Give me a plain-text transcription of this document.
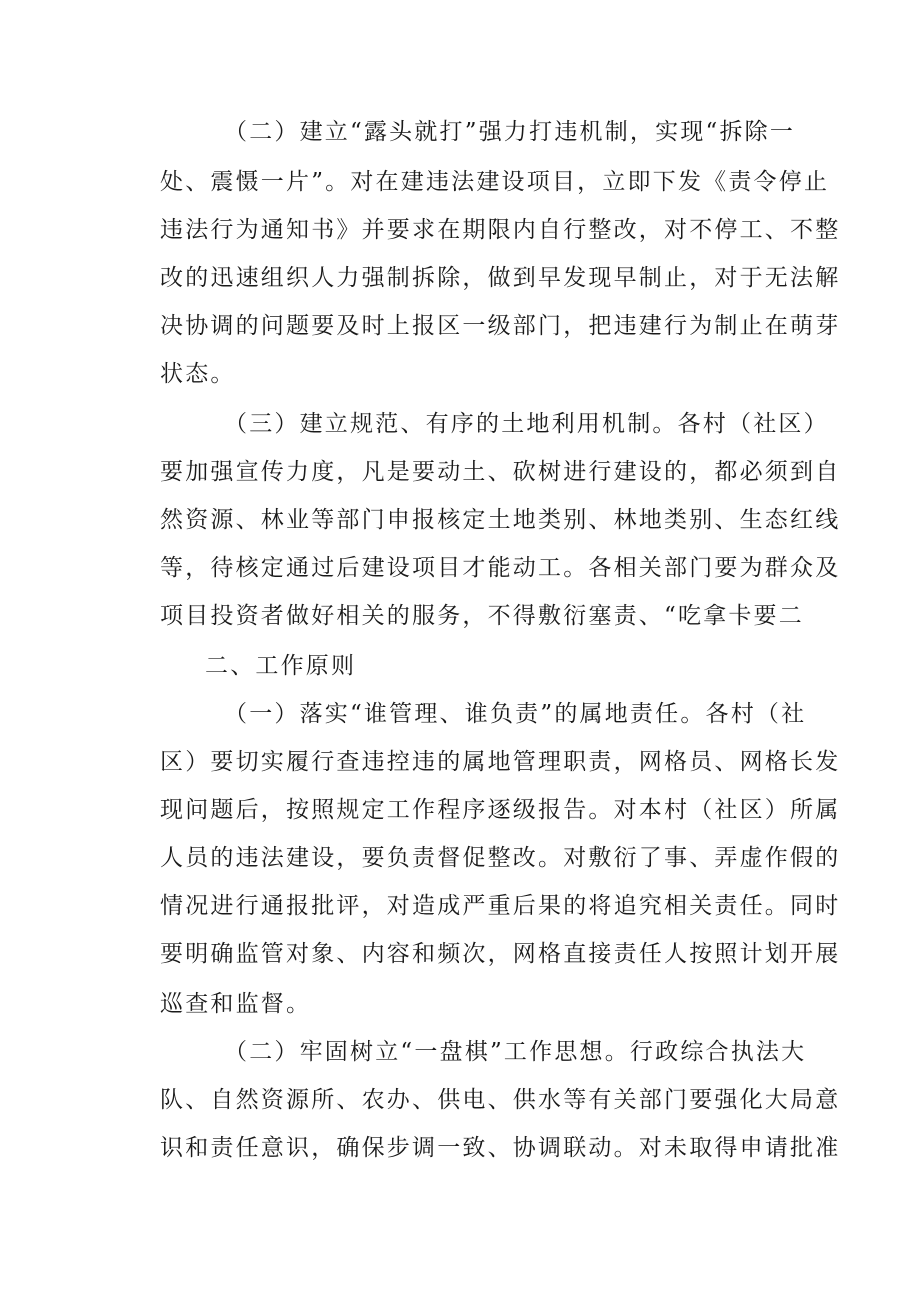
（二）建立“露头就打”强力打违机制，实现“拆除一
处、震慑一片”。对在建违法建设项目，立即下发《责令停止
违法行为通知书》并要求在期限内自行整改，对不停工、不整
改的迅速组织人力强制拆除，做到早发现早制止，对于无法解
决协调的问题要及时上报区一级部门，把违建行为制止在萌芽
状态。
（三）建立规范、有序的土地利用机制。各村（社区）
要加强宣传力度，凡是要动土、砍树进行建设的，都必须到自
然资源、林业等部门申报核定土地类别、林地类别、生态红线
等，待核定通过后建设项目才能动工。各相关部门要为群众及
项目投资者做好相关的服务，不得敷衍塞责、“吃拿卡要二
二、工作原则
（一）落实“谁管理、谁负责”的属地责任。各村（社
区）要切实履行查违控违的属地管理职责，网格员、网格长发
现问题后，按照规定工作程序逐级报告。对本村（社区）所属
人员的违法建设，要负责督促整改。对敷衍了事、弄虚作假的
情况进行通报批评，对造成严重后果的将追究相关责任。同时
要明确监管对象、内容和频次，网格直接责任人按照计划开展
巡查和监督。
（二）牢固树立“一盘棋”工作思想。行政综合执法大
队、自然资源所、农办、供电、供水等有关部门要强化大局意
识和责任意识，确保步调一致、协调联动。对未取得申请批准
